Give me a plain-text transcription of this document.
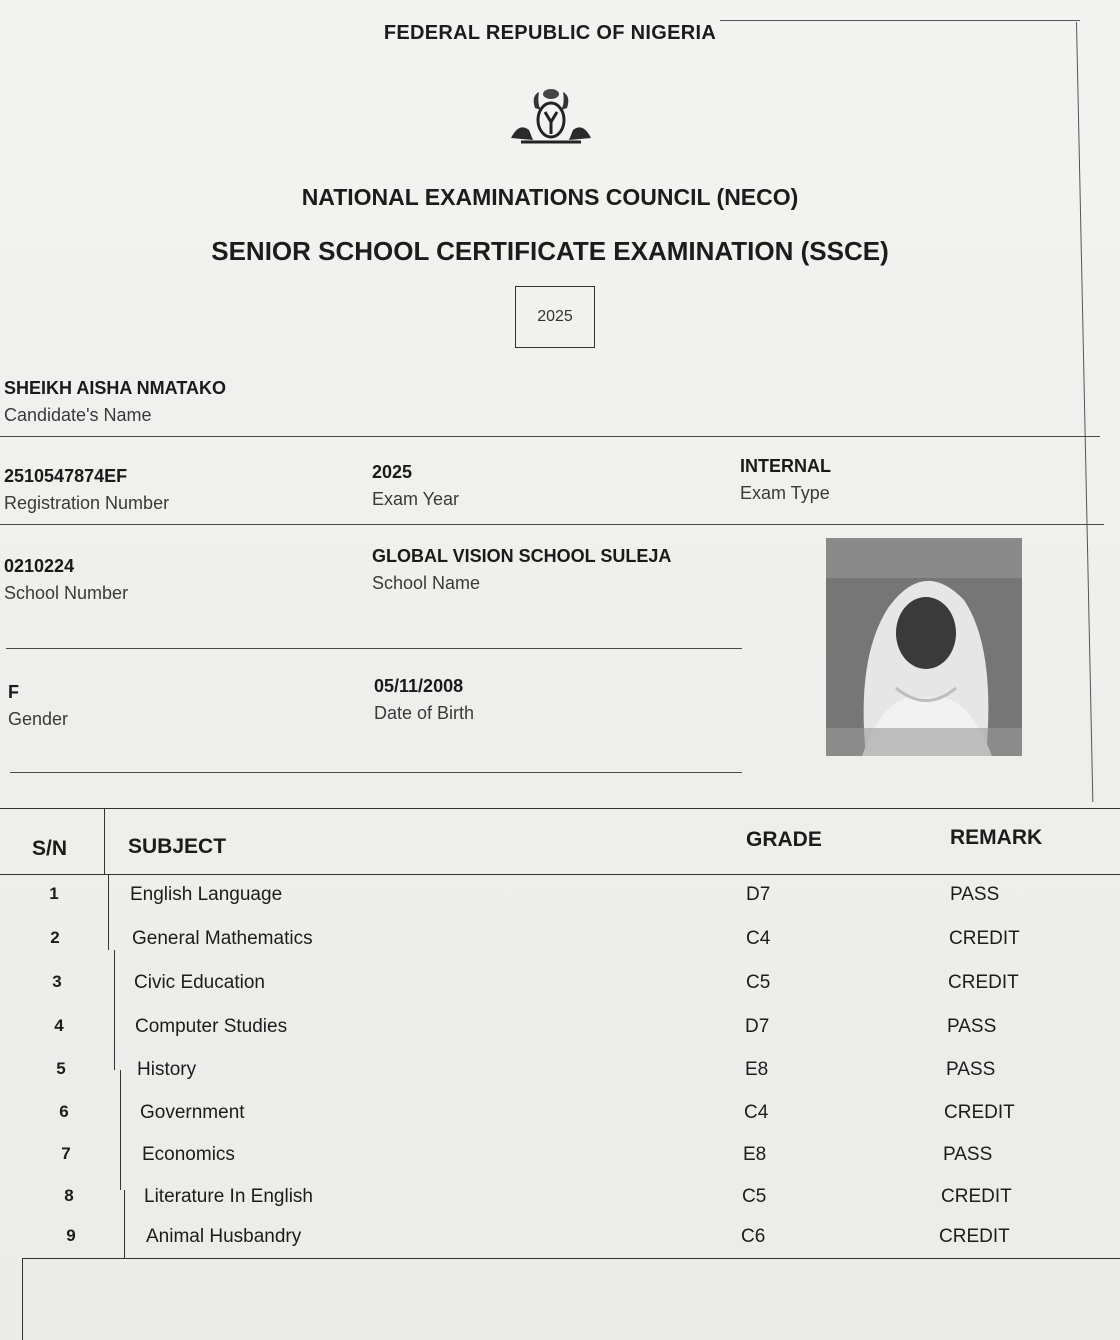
FEDERAL REPUBLIC OF NIGERIA
NATIONAL EXAMINATIONS COUNCIL (NECO)
SENIOR SCHOOL CERTIFICATE EXAMINATION (SSCE)
2025
SHEIKH AISHA NMATAKO
Candidate's Name
2510547874EF
Registration Number
2025
Exam Year
INTERNAL
Exam Type
0210224
School Number
GLOBAL VISION SCHOOL SULEJA
School Name
F
Gender
05/11/2008
Date of Birth
S/N	SUBJECT	GRADE	REMARK
1	English Language	D7	PASS
2	General Mathematics	C4	CREDIT
3	Civic Education	C5	CREDIT
4	Computer Studies	D7	PASS
5	History	E8	PASS
6	Government	C4	CREDIT
7	Economics	E8	PASS
8	Literature In English	C5	CREDIT
9	Animal Husbandry	C6	CREDIT
